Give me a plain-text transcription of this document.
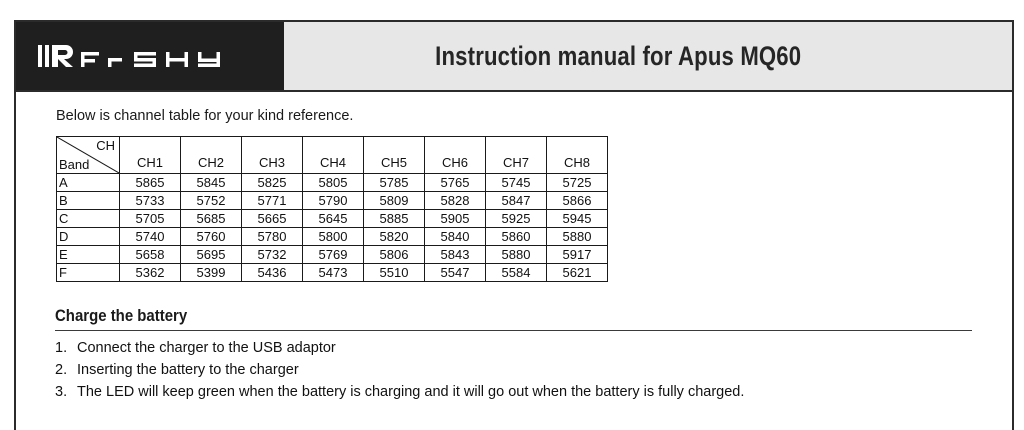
Instruction manual for Apus MQ60
Below is channel table for your kind reference.
CH
Band	CH1	CH2	CH3	CH4	CH5	CH6	CH7	CH8
A	5865	5845	5825	5805	5785	5765	5745	5725
B	5733	5752	5771	5790	5809	5828	5847	5866
C	5705	5685	5665	5645	5885	5905	5925	5945
D	5740	5760	5780	5800	5820	5840	5860	5880
E	5658	5695	5732	5769	5806	5843	5880	5917
F	5362	5399	5436	5473	5510	5547	5584	5621
Charge the battery
1. Connect the charger to the USB adaptor
2. Inserting the battery to the charger
3. The LED will keep green when the battery is charging and it will go out when the battery is fully charged.
